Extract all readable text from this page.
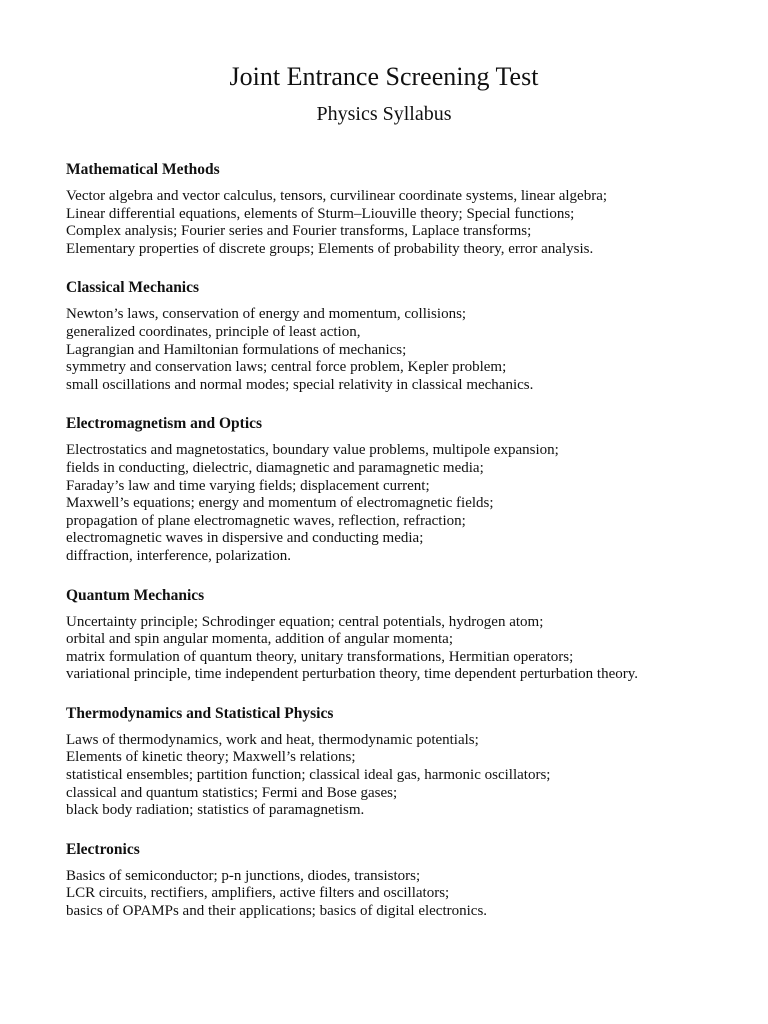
Joint Entrance Screening Test
Physics Syllabus
Mathematical Methods

Vector algebra and vector calculus, tensors, curvilinear coordinate systems, linear algebra;

Linear differential equations, elements of Sturm–Liouville theory; Special functions;

Complex analysis; Fourier series and Fourier transforms, Laplace transforms;

Elementary properties of discrete groups; Elements of probability theory, error analysis.

Classical Mechanics

Newton’s laws, conservation of energy and momentum, collisions;

generalized coordinates, principle of least action,

Lagrangian and Hamiltonian formulations of mechanics;

symmetry and conservation laws; central force problem, Kepler problem;

small oscillations and normal modes; special relativity in classical mechanics.

Electromagnetism and Optics

Electrostatics and magnetostatics, boundary value problems, multipole expansion;

fields in conducting, dielectric, diamagnetic and paramagnetic media;

Faraday’s law and time varying fields; displacement current;

Maxwell’s equations; energy and momentum of electromagnetic fields;

propagation of plane electromagnetic waves, reflection, refraction;

electromagnetic waves in dispersive and conducting media;

diffraction, interference, polarization.

Quantum Mechanics

Uncertainty principle; Schrodinger equation; central potentials, hydrogen atom;

orbital and spin angular momenta, addition of angular momenta;

matrix formulation of quantum theory, unitary transformations, Hermitian operators;

variational principle, time independent perturbation theory, time dependent perturbation theory.

Thermodynamics and Statistical Physics

Laws of thermodynamics, work and heat, thermodynamic potentials;

Elements of kinetic theory; Maxwell’s relations;

statistical ensembles; partition function; classical ideal gas, harmonic oscillators;

classical and quantum statistics; Fermi and Bose gases;

black body radiation; statistics of paramagnetism.

Electronics

Basics of semiconductor; p-n junctions, diodes, transistors;

LCR circuits, rectifiers, amplifiers, active filters and oscillators;

basics of OPAMPs and their applications; basics of digital electronics.
